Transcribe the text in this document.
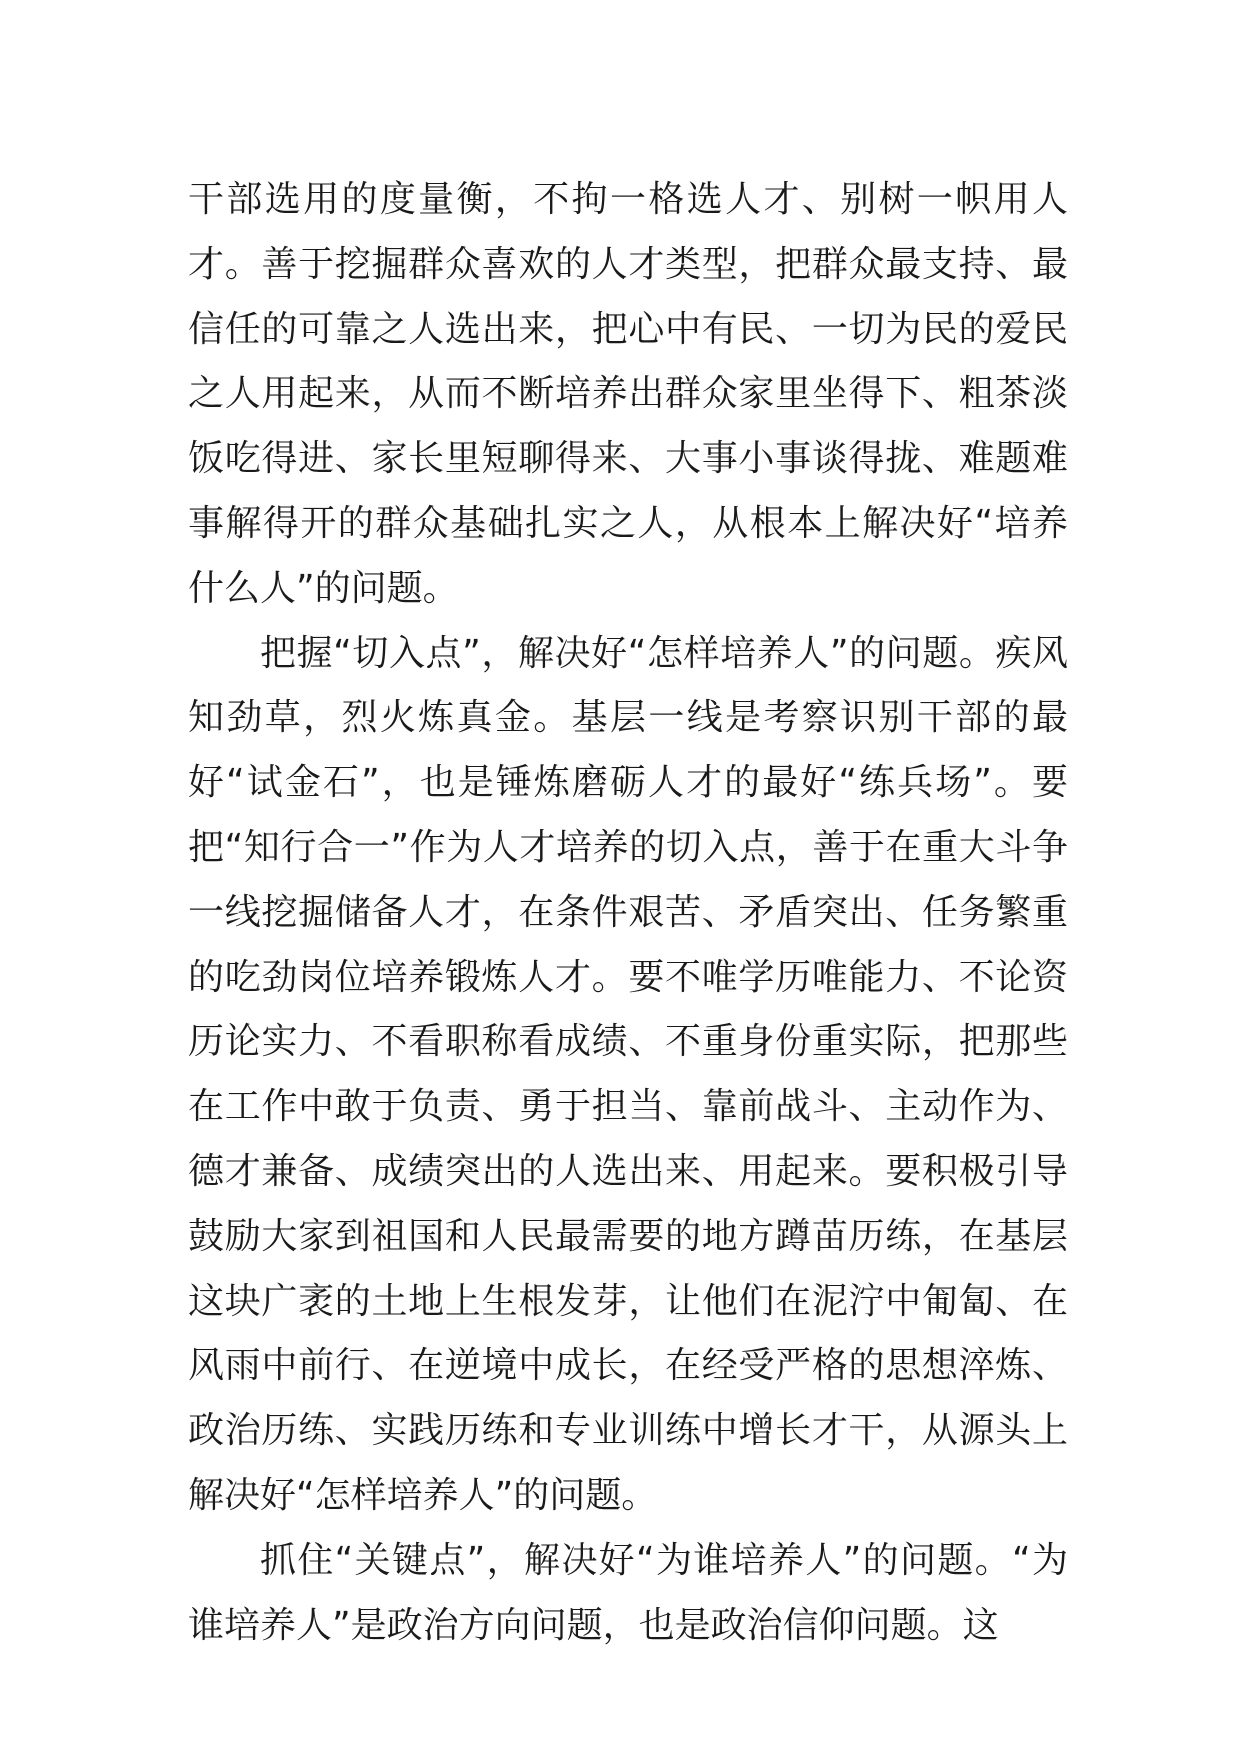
干部选用的度量衡，不拘一格选人才、别树一帜用人才。善于挖掘群众喜欢的人才类型，把群众最支持、最信任的可靠之人选出来，把心中有民、一切为民的爱民之人用起来，从而不断培养出群众家里坐得下、粗茶淡饭吃得进、家长里短聊得来、大事小事谈得拢、难题难事解得开的群众基础扎实之人，从根本上解决好“培养什么人”的问题。

把握“切入点”，解决好“怎样培养人”的问题。疾风知劲草，烈火炼真金。基层一线是考察识别干部的最好“试金石”，也是锤炼磨砺人才的最好“练兵场”。要把“知行合一”作为人才培养的切入点，善于在重大斗争一线挖掘储备人才，在条件艰苦、矛盾突出、任务繁重的吃劲岗位培养锻炼人才。要不唯学历唯能力、不论资历论实力、不看职称看成绩、不重身份重实际，把那些在工作中敢于负责、勇于担当、靠前战斗、主动作为、德才兼备、成绩突出的人选出来、用起来。要积极引导鼓励大家到祖国和人民最需要的地方蹲苗历练，在基层这块广袤的土地上生根发芽，让他们在泥泞中匍匐、在风雨中前行、在逆境中成长，在经受严格的思想淬炼、政治历练、实践历练和专业训练中增长才干，从源头上解决好“怎样培养人”的问题。

抓住“关键点”，解决好“为谁培养人”的问题。“为谁培养人”是政治方向问题，也是政治信仰问题。这
